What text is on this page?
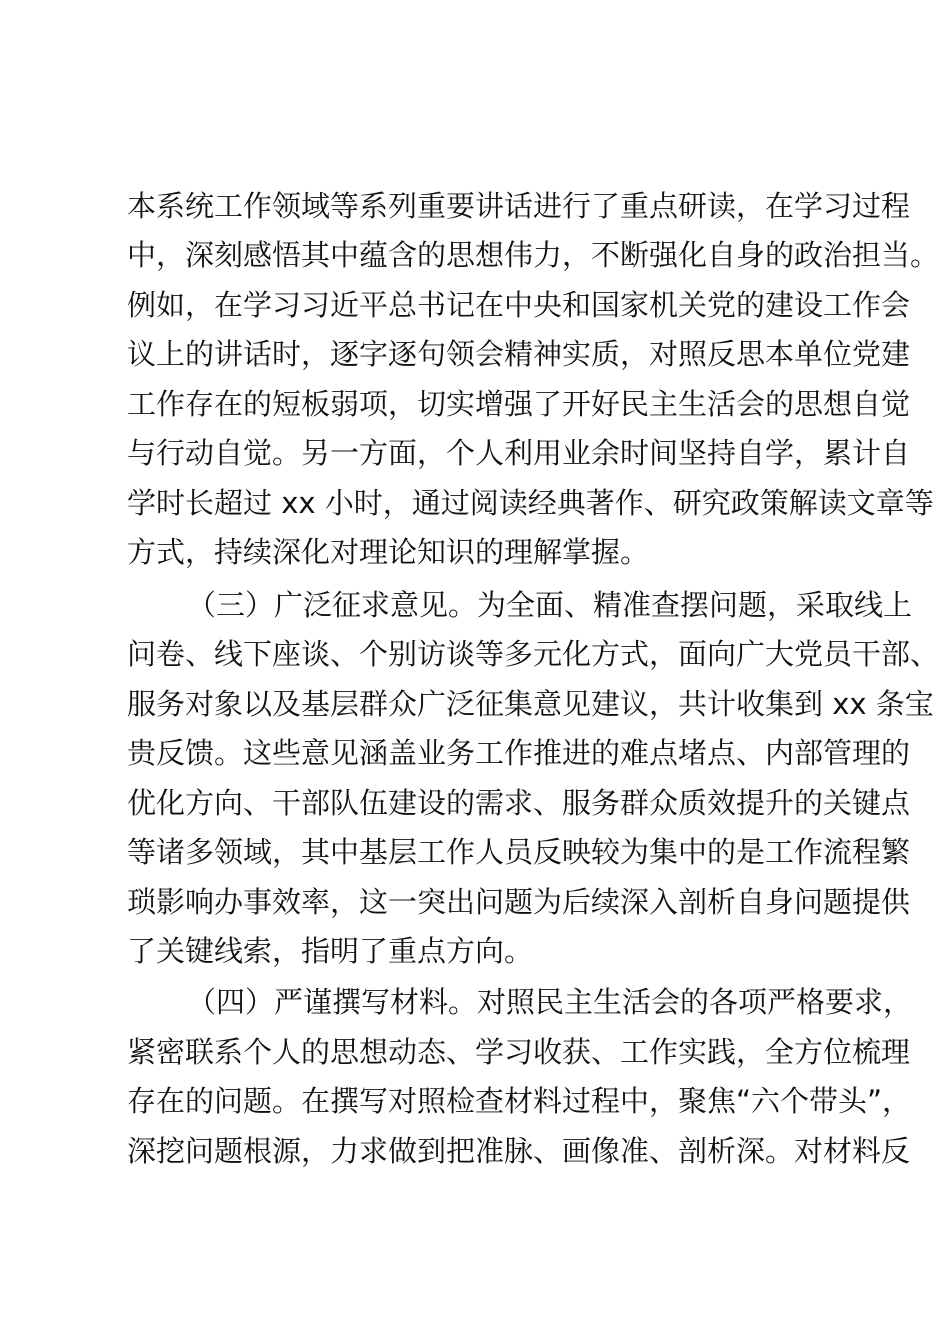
本系统工作领域等系列重要讲话进行了重点研读，在学习过程
中，深刻感悟其中蕴含的思想伟力，不断强化自身的政治担当。
例如，在学习习近平总书记在中央和国家机关党的建设工作会
议上的讲话时，逐字逐句领会精神实质，对照反思本单位党建
工作存在的短板弱项，切实增强了开好民主生活会的思想自觉
与行动自觉。另一方面，个人利用业余时间坚持自学，累计自
学时长超过 xx 小时，通过阅读经典著作、研究政策解读文章等
方式，持续深化对理论知识的理解掌握。
（三）广泛征求意见。为全面、精准查摆问题，采取线上
问卷、线下座谈、个别访谈等多元化方式，面向广大党员干部、
服务对象以及基层群众广泛征集意见建议，共计收集到 xx 条宝
贵反馈。这些意见涵盖业务工作推进的难点堵点、内部管理的
优化方向、干部队伍建设的需求、服务群众质效提升的关键点
等诸多领域，其中基层工作人员反映较为集中的是工作流程繁
琐影响办事效率，这一突出问题为后续深入剖析自身问题提供
了关键线索，指明了重点方向。
（四）严谨撰写材料。对照民主生活会的各项严格要求，
紧密联系个人的思想动态、学习收获、工作实践，全方位梳理
存在的问题。在撰写对照检查材料过程中，聚焦“六个带头”，
深挖问题根源，力求做到把准脉、画像准、剖析深。对材料反
